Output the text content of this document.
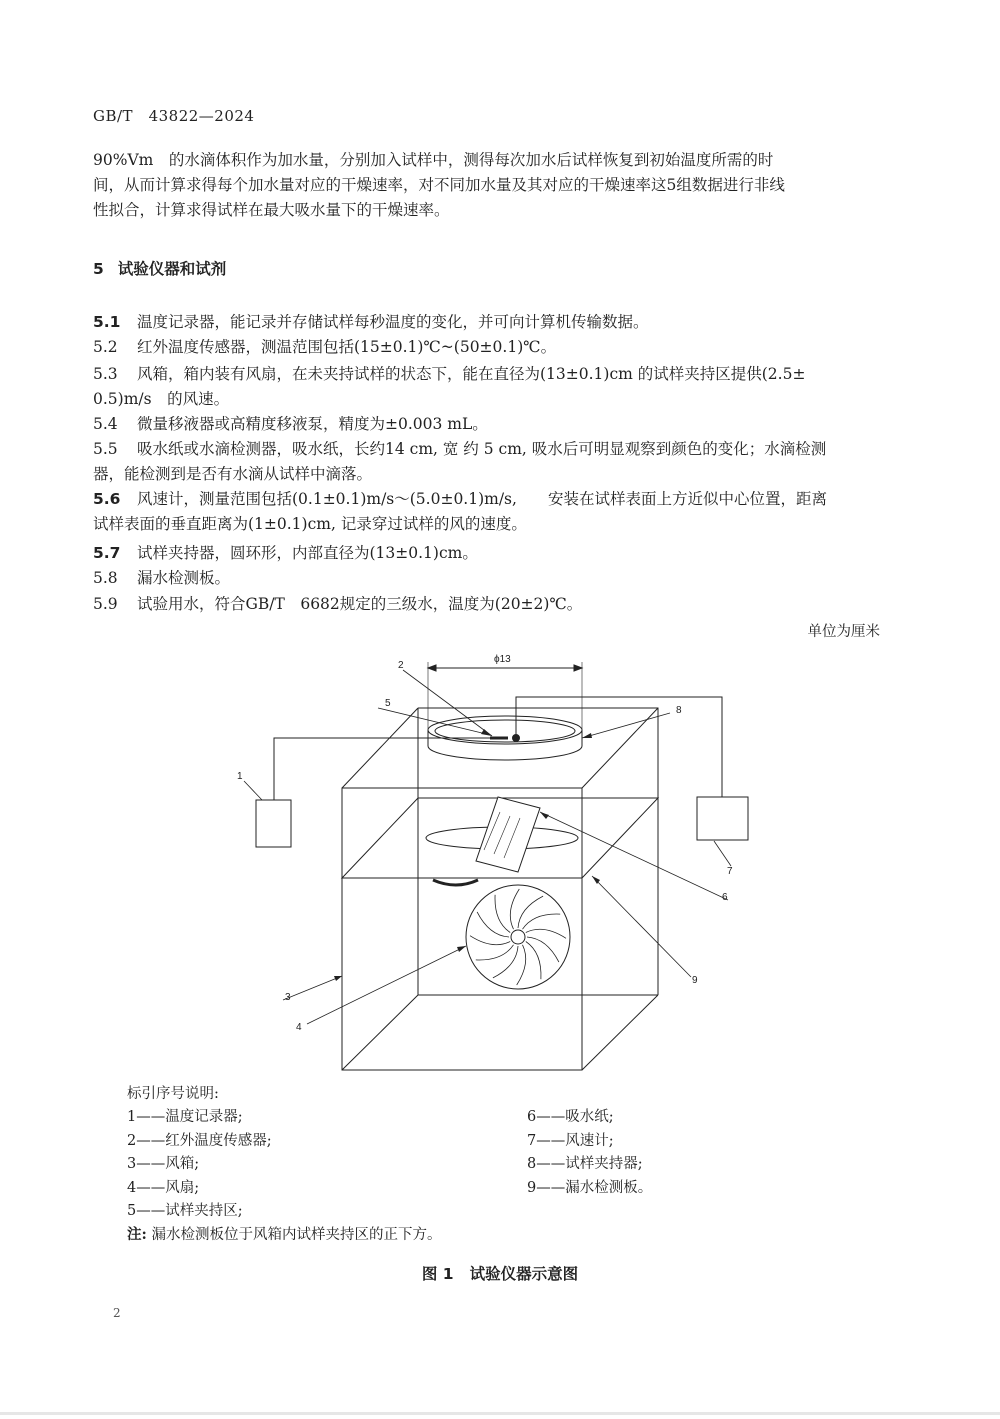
GB/T　43822—2024
90%Vm　的水滴体积作为加水量，分别加入试样中，测得每次加水后试样恢复到初始温度所需的时
间，从而计算求得每个加水量对应的干燥速率，对不同加水量及其对应的干燥速率这5组数据进行非线
性拟合，计算求得试样在最大吸水量下的干燥速率。
5 试验仪器和试剂
5.1 温度记录器，能记录并存储试样每秒温度的变化，并可向计算机传输数据。
5.2 红外温度传感器，测温范围包括(15±0.1)℃~(50±0.1)℃。
5.3 风箱，箱内装有风扇，在未夹持试样的状态下，能在直径为(13±0.1)cm 的试样夹持区提供(2.5±
0.5)m/s　的风速。
5.4 微量移液器或高精度移液泵，精度为±0.003 mL。
5.5 吸水纸或水滴检测器，吸水纸，长约14 cm, 宽 约 5 cm, 吸水后可明显观察到颜色的变化；水滴检测
器，能检测到是否有水滴从试样中滴落。
5.6 风速计，测量范围包括(0.1±0.1)m/s～(5.0±0.1)m/s,　　安装在试样表面上方近似中心位置，距离
试样表面的垂直距离为(1±0.1)cm, 记录穿过试样的风的速度。
5.7 试样夹持器，圆环形，内部直径为(13±0.1)cm。
5.8 漏水检测板。
5.9 试验用水，符合GB/T　6682规定的三级水，温度为(20±2)℃。
单位为厘米
ϕ13
1
2
3
4
5
6
7
8
9
标引序号说明:
1——温度记录器;
2——红外温度传感器;
3——风箱;
4——风扇;
5——试样夹持区;
6——吸水纸;
7——风速计;
8——试样夹持器;
9——漏水检测板。
注: 漏水检测板位于风箱内试样夹持区的正下方。
图 1 试验仪器示意图
2
